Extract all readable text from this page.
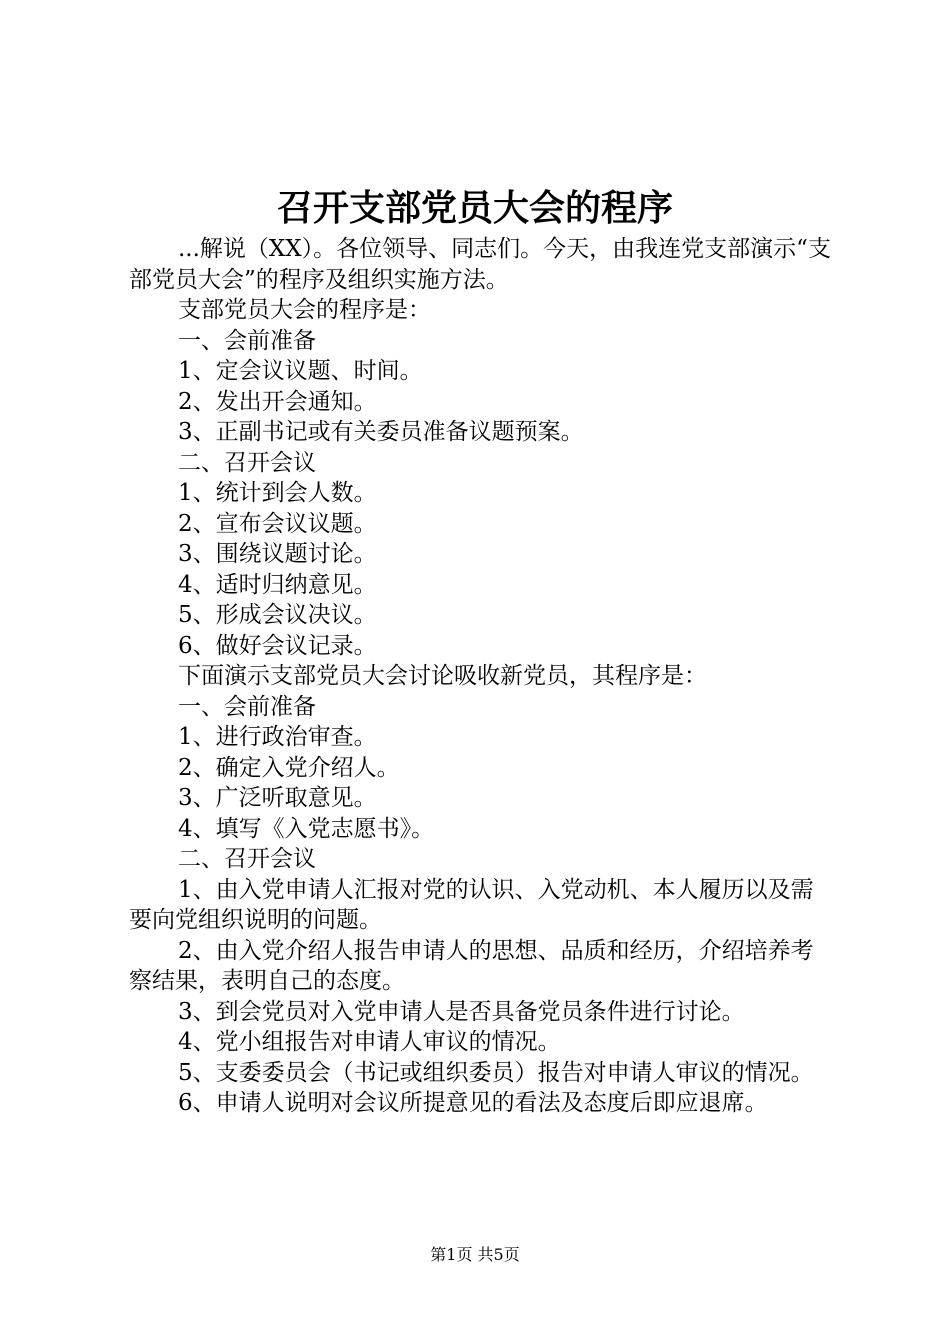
召开支部党员大会的程序

...解说（XX）。各位领导、同志们。今天，由我连党支部演示“支部党员大会”的程序及组织实施方法。

支部党员大会的程序是：

一、会前准备

1、定会议议题、时间。

2、发出开会通知。

3、正副书记或有关委员准备议题预案。

二、召开会议

1、统计到会人数。

2、宣布会议议题。

3、围绕议题讨论。

4、适时归纳意见。

5、形成会议决议。

6、做好会议记录。

下面演示支部党员大会讨论吸收新党员，其程序是：

一、会前准备

1、进行政治审查。

2、确定入党介绍人。

3、广泛听取意见。

4、填写《入党志愿书》。

二、召开会议

1、由入党申请人汇报对党的认识、入党动机、本人履历以及需要向党组织说明的问题。

2、由入党介绍人报告申请人的思想、品质和经历，介绍培养考察结果，表明自己的态度。

3、到会党员对入党申请人是否具备党员条件进行讨论。

4、党小组报告对申请人审议的情况。

5、支委委员会（书记或组织委员）报告对申请人审议的情况。

6、申请人说明对会议所提意见的看法及态度后即应退席。

第1页 共5页
